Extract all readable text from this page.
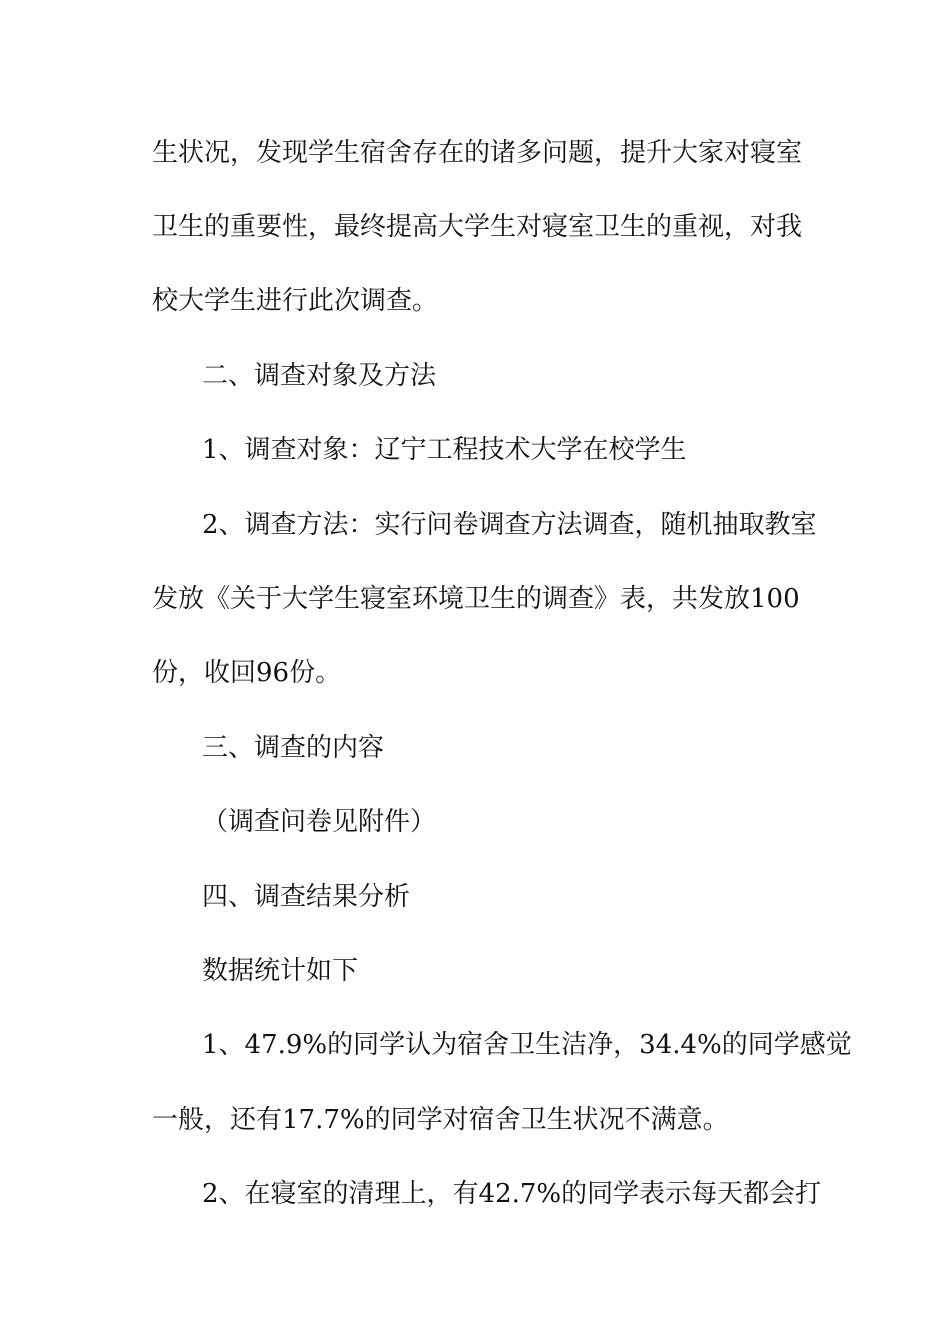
生状况，发现学生宿舍存在的诸多问题，提升大家对寝室
卫生的重要性，最终提高大学生对寝室卫生的重视，对我
校大学生进行此次调查。
二、调查对象及方法
1、调查对象：辽宁工程技术大学在校学生
2、调查方法：实行问卷调查方法调查，随机抽取教室
发放《关于大学生寝室环境卫生的调查》表，共发放100
份，收回96份。
三、调查的内容
（调查问卷见附件）
四、调查结果分析
数据统计如下
1、47.9%的同学认为宿舍卫生洁净，34.4%的同学感觉
一般，还有17.7%的同学对宿舍卫生状况不满意。
2、在寝室的清理上，有42.7%的同学表示每天都会打
